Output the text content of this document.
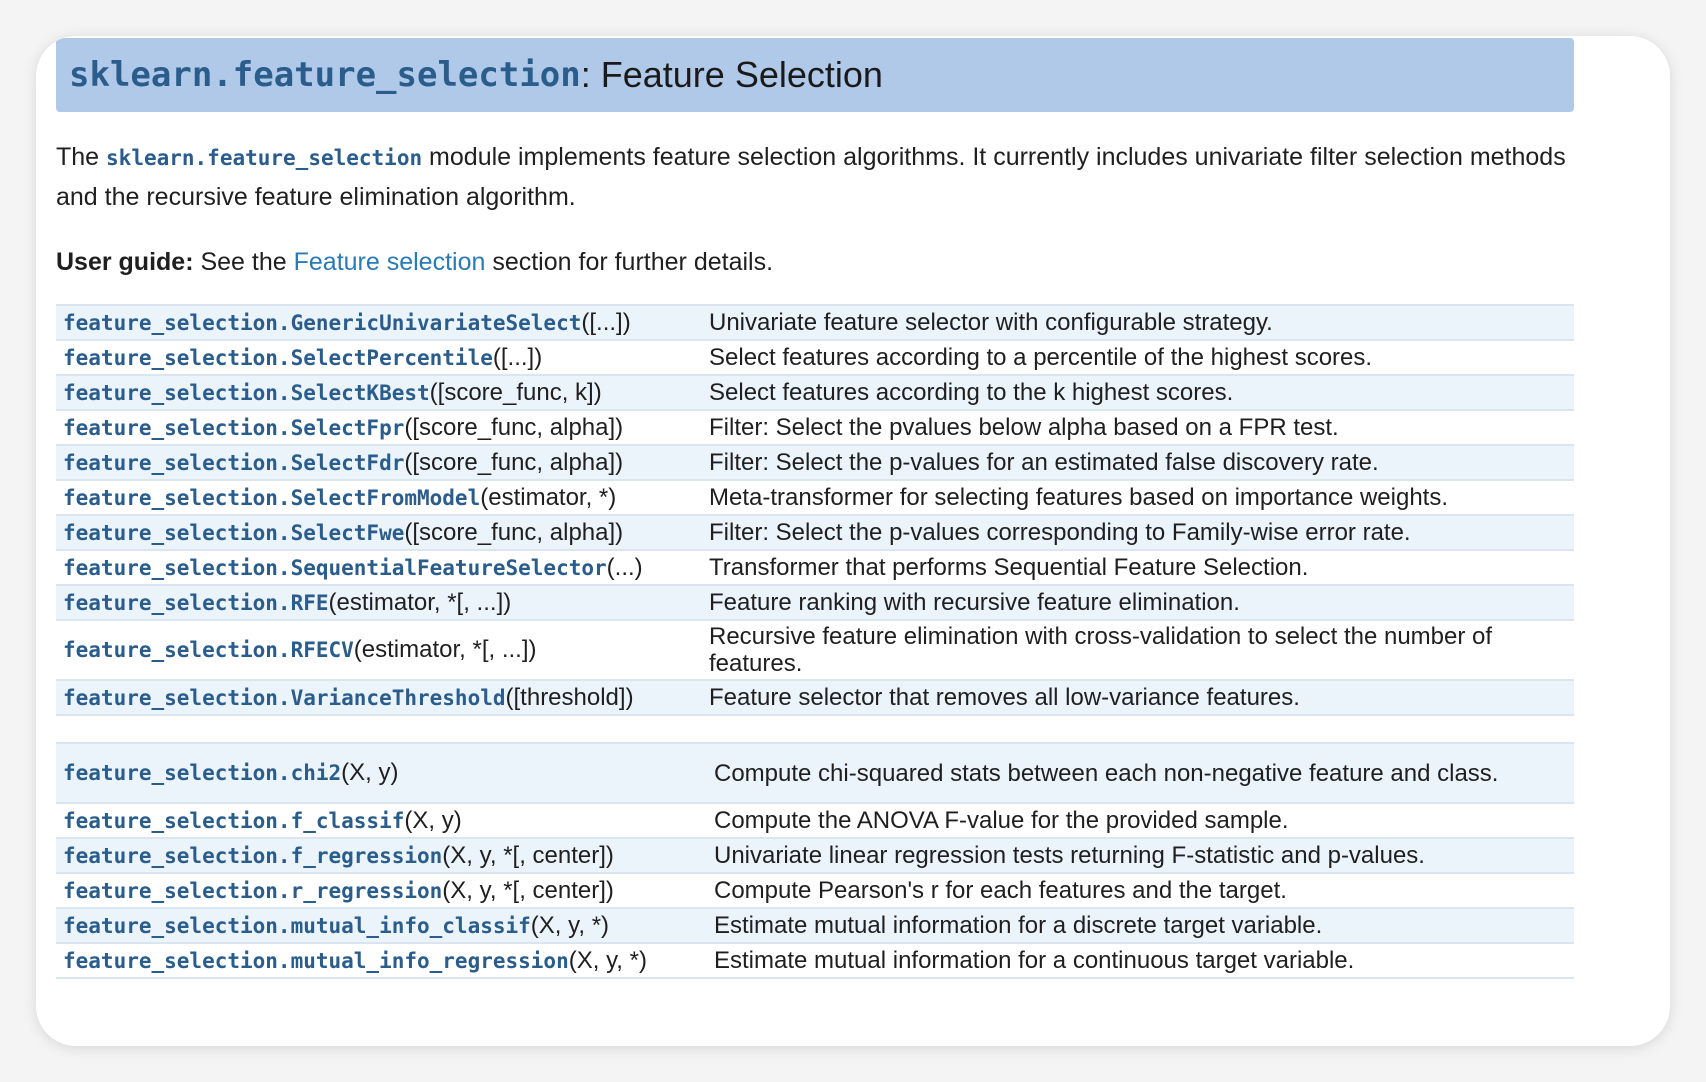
sklearn.feature_selection : Feature Selection

The sklearn.feature_selection module implements feature selection algorithms. It currently includes univariate filter selection methods and the recursive feature elimination algorithm.

User guide: See the Feature selection section for further details.

feature_selection.GenericUnivariateSelect([...])	Univariate feature selector with configurable strategy.
feature_selection.SelectPercentile([...])	Select features according to a percentile of the highest scores.
feature_selection.SelectKBest([score_func, k])	Select features according to the k highest scores.
feature_selection.SelectFpr([score_func, alpha])	Filter: Select the pvalues below alpha based on a FPR test.
feature_selection.SelectFdr([score_func, alpha])	Filter: Select the p-values for an estimated false discovery rate.
feature_selection.SelectFromModel(estimator, *)	Meta-transformer for selecting features based on importance weights.
feature_selection.SelectFwe([score_func, alpha])	Filter: Select the p-values corresponding to Family-wise error rate.
feature_selection.SequentialFeatureSelector(...)	Transformer that performs Sequential Feature Selection.
feature_selection.RFE(estimator, *[, ...])	Feature ranking with recursive feature elimination.
feature_selection.RFECV(estimator, *[, ...])	Recursive feature elimination with cross-validation to select the number of features.
feature_selection.VarianceThreshold([threshold])	Feature selector that removes all low-variance features.
feature_selection.chi2(X, y)	Compute chi-squared stats between each non-negative feature and class.
feature_selection.f_classif(X, y)	Compute the ANOVA F-value for the provided sample.
feature_selection.f_regression(X, y, *[, center])	Univariate linear regression tests returning F-statistic and p-values.
feature_selection.r_regression(X, y, *[, center])	Compute Pearson's r for each features and the target.
feature_selection.mutual_info_classif(X, y, *)	Estimate mutual information for a discrete target variable.
feature_selection.mutual_info_regression(X, y, *)	Estimate mutual information for a continuous target variable.
